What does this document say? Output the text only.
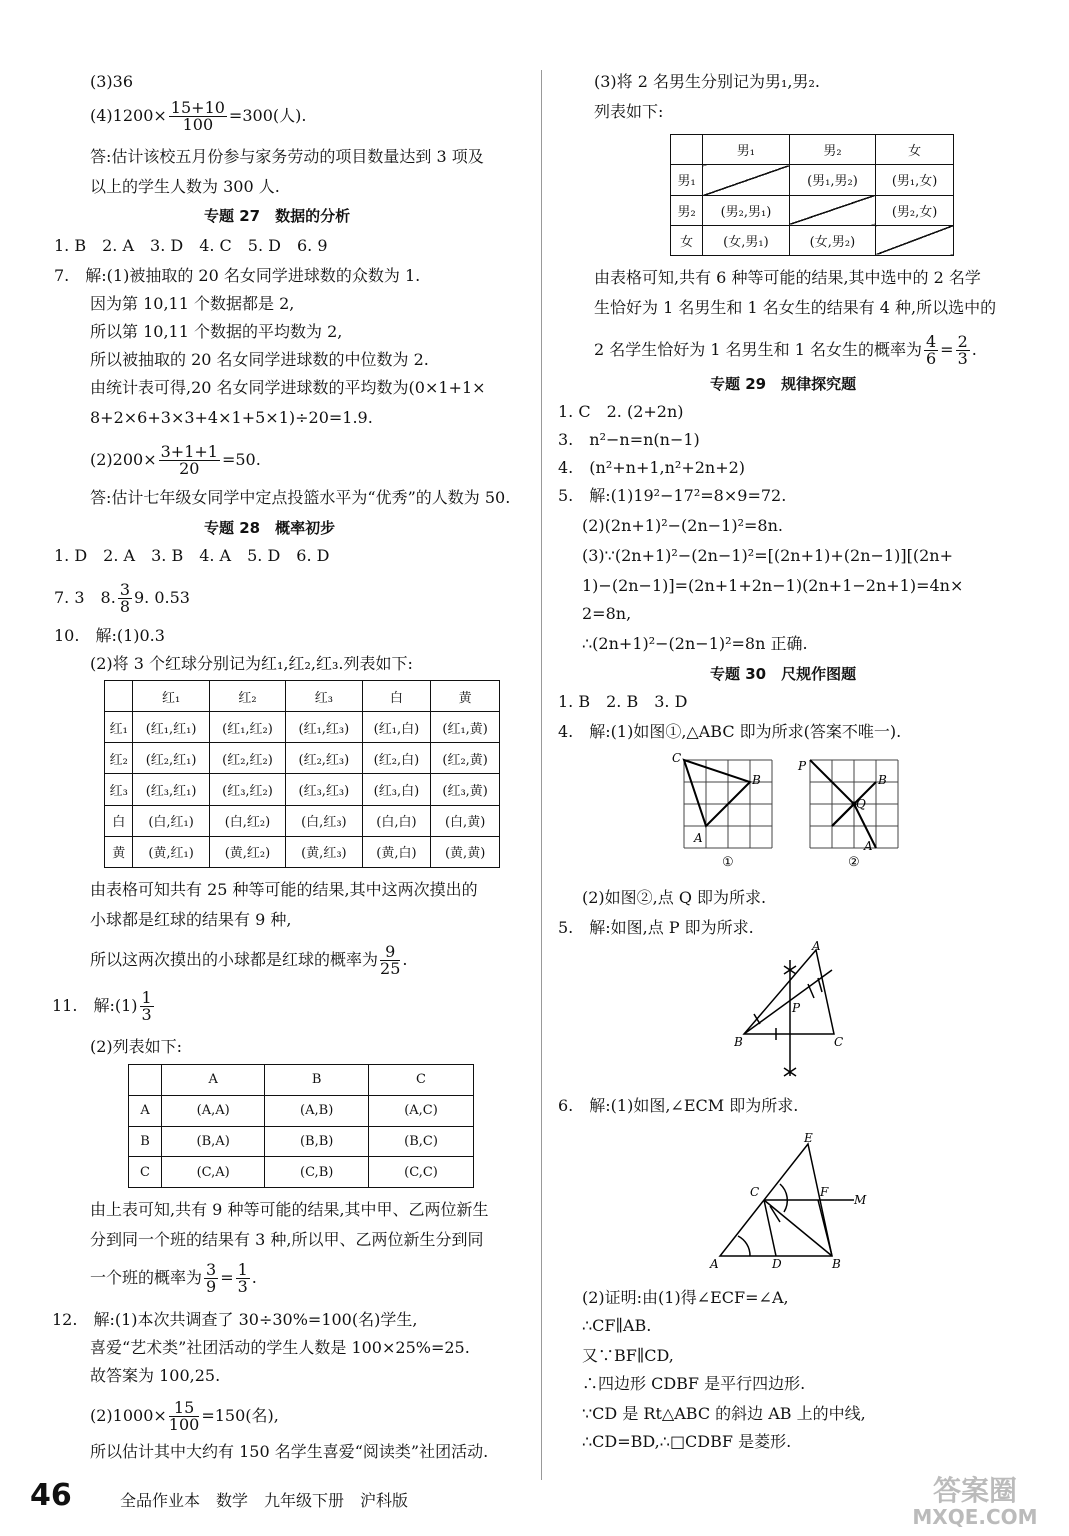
(3)36
$(4)1200\times \frac{15+10}{100} =300$(人).
答:估计该校五月份参与家务劳动的项目数量达到 3 项及
以上的学生人数为 300 人.
专题 27　数据的分析
1. B　2. A　3. D　4. C　5. D　6. 9
7.　解:(1)被抽取的 20 名女同学进球数的众数为 1.
因为第 10,11 个数据都是 2,
所以第 10,11 个数据的平均数为 2,
所以被抽取的 20 名女同学进球数的中位数为 2.
由统计表可得,20 名女同学进球数的平均数为(0×1+1×
8+2×6+3×3+4×1+5×1)÷20=1.9.
$(2)200\times \frac{3+1+1}{20} =50$.
答:估计七年级女同学中定点投篮水平为“优秀”的人数为 50.
专题 28　概率初步
1. D　2. A　3. B　4. A　5. D　6. D
7. 3　8. $\frac{3}{8} 9$. 0.53
10.　解:(1)0.3
(2)将 3 个红球分别记为红₁,红₂,红₃.列表如下:
	红₁	红₂	红₃	白	黄
红₁	(红₁,红₁)	(红₁,红₂)	(红₁,红₃)	(红₁,白)	(红₁,黄)
红₂	(红₂,红₁)	(红₂,红₂)	(红₂,红₃)	(红₂,白)	(红₂,黄)
红₃	(红₃,红₁)	(红₃,红₂)	(红₃,红₃)	(红₃,白)	(红₃,黄)
白	(白,红₁)	(白,红₂)	(白,红₃)	(白,白)	(白,黄)
黄	(黄,红₁)	(黄,红₂)	(黄,红₃)	(黄,白)	(黄,黄)
由表格可知共有 25 种等可能的结果,其中这两次摸出的
小球都是红球的结果有 9 种,
所以这两次摸出的小球都是红球的概率为 $\frac{9}{25}$ .
11.　解:(1) $\frac{1}{3}$
(2)列表如下:
	A	B	C
A	(A,A)	(A,B)	(A,C)
B	(B,A)	(B,B)	(B,C)
C	(C,A)	(C,B)	(C,C)
由上表可知,共有 9 种等可能的结果,其中甲、乙两位新生
分到同一个班的结果有 3 种,所以甲、乙两位新生分到同
一个班的概率为 $\frac{3}{9} = \frac{1}{3}$ .
12.　解:(1)本次共调查了 30÷30%=100(名)学生,
喜爱“艺术类”社团活动的学生人数是 100×25%=25.
故答案为 100,25.
$(2)1000\times \frac{15}{100} =150$(名),
所以估计其中大约有 150 名学生喜爱“阅读类”社团活动.
(3)将 2 名男生分别记为男₁,男₂.
列表如下:
	男₁	男₂	女
男₁		(男₁,男₂)	(男₁,女)
男₂	(男₂,男₁)		(男₂,女)
女	(女,男₁)	(女,男₂)	
由表格可知,共有 6 种等可能的结果,其中选中的 2 名学
生恰好为 1 名男生和 1 名女生的结果有 4 种,所以选中的
2 名学生恰好为 1 名男生和 1 名女生的概率为 $\frac{4}{6} = \frac{2}{3}$ .
专题 29　规律探究题
1. C　2. (2+2n)
3.　n²−n=n(n−1)
4.　(n²+n+1,n²+2n+2)
5.　解:(1)19²−17²=8×9=72.
(2)(2n+1)²−(2n−1)²=8n.
(3)∵(2n+1)²−(2n−1)²=[(2n+1)+(2n−1)][(2n+
1)−(2n−1)]=(2n+1+2n−1)(2n+1−2n+1)=4n×
2=8n,
∴(2n+1)²−(2n−1)²=8n 正确.
专题 30　尺规作图题
1. B　2. B　3. D
4.　解:(1)如图①,△ABC 即为所求(答案不唯一).
C
B
A
①
P
B
Q
A
②
(2)如图②,点 Q 即为所求.
5.　解:如图,点 P 即为所求.
A
B	C
P
6.　解:(1)如图,∠ECM 即为所求.
E
C	F
M
A	D	B
(2)证明:由(1)得∠ECF=∠A,
∴CF∥AB.
又∵BF∥CD,
∴四边形 CDBF 是平行四边形.
∵CD 是 Rt△ABC 的斜边 AB 上的中线,
∴CD=BD,∴□CDBF 是菱形.
46	全品作业本　数学　九年级下册　沪科版	答案圈
MXQE.COM
